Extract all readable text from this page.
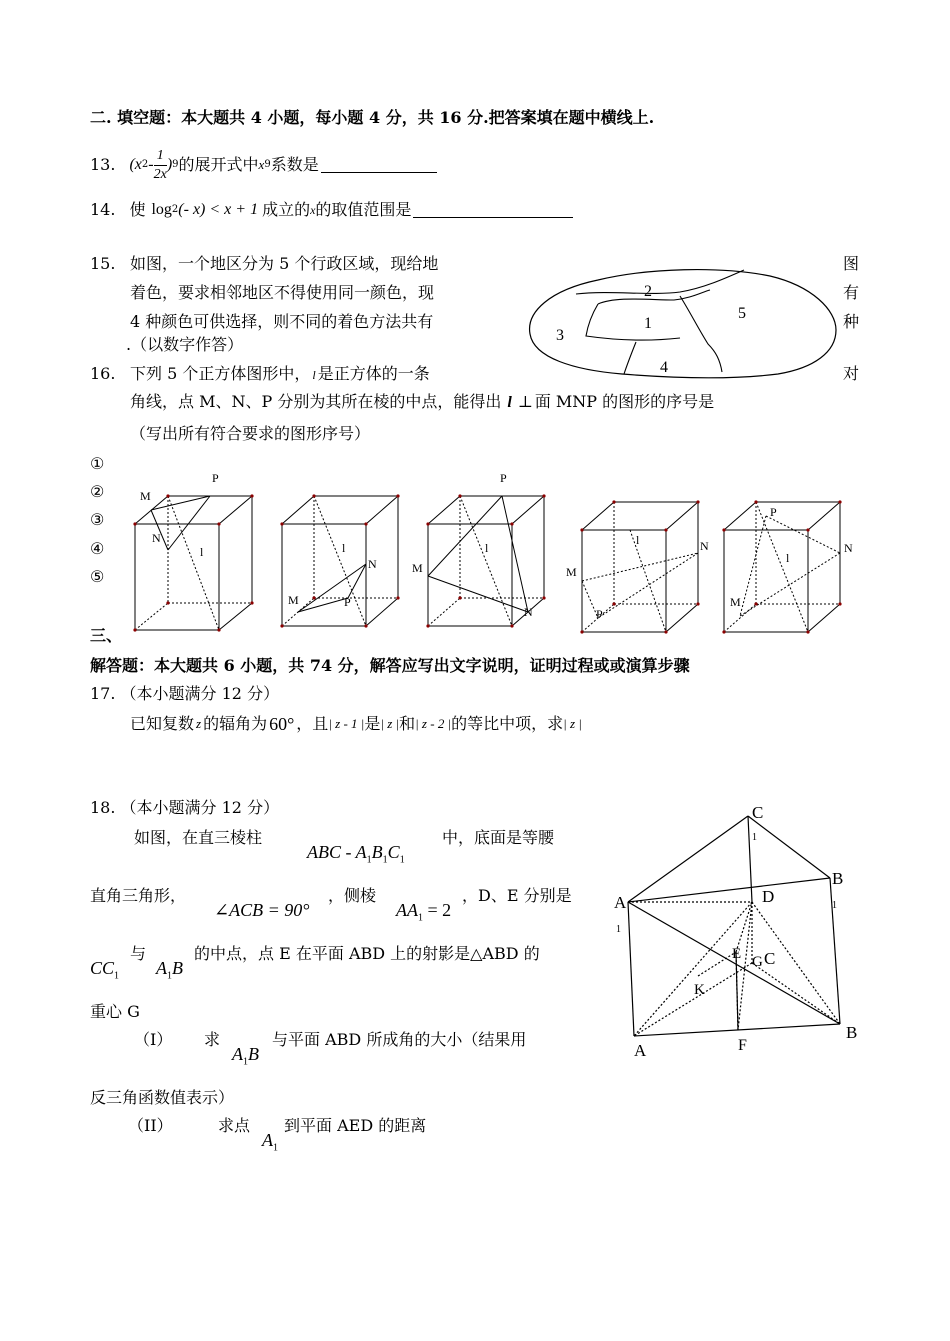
二. 填空题：本大题共 4 小题，每小题 4 分，共 16 分.把答案填在题中横线上.
13. (x $2 - \frac{1}{2x}$ ) 9 的展开式中 x 9 系数是
14. 使 log 2 (- x) < x + 1 成立的 x 的取值范围是
15. 如图，一个地区分为 5 个行政区域，现给地	图
着色，要求相邻地区不得使用同一颜色，现	有
4 种颜色可供选择，则不同的着色方法共有	种
.（以数字作答）
2
1
3
4
5
16. 下列 5 个正方体图形中， l 是正方体的一条	对
角线，点 M、N、P 分别为其所在棱的中点，能得出 l ⊥ 面 MNP 的图形的序号是
（写出所有符合要求的图形序号）
①
②
③
④
⑤
M
P
N
l	l
N
M	P
P
l
M
N
l	N
M
P
P
l
N
M
三、
解答题：本大题共 6 小题，共 74 分，解答应写出文字说明，证明过程或或演算步骤
17. （本小题满分 12 分）
已知复数 z 的辐角为 60° ，且 | z - 1 | 是 | z | 和 | z - 2 | 的等比中项，求 | z |
18. （本小题满分 12 分）
如图，在直三棱柱
ABC - $A_1B_1C_1$
中，底面是等腰
直角三角形，
∠ACB = 90°
，侧棱
$AA_1 = 2$
，D、E 分别是
$CC_1$
与
$A_1B$
的中点，点 E 在平面 ABD 上的射影是△ABD 的
重心 G
（I） 求
$A_1B$
与平面 ABD 所成角的大小（结果用
反三角函数值表示）
（II）	求点
$A_1$
到平面 AED 的距离
C
1
B
1
A
1
D
E G C
K
A	F
B
